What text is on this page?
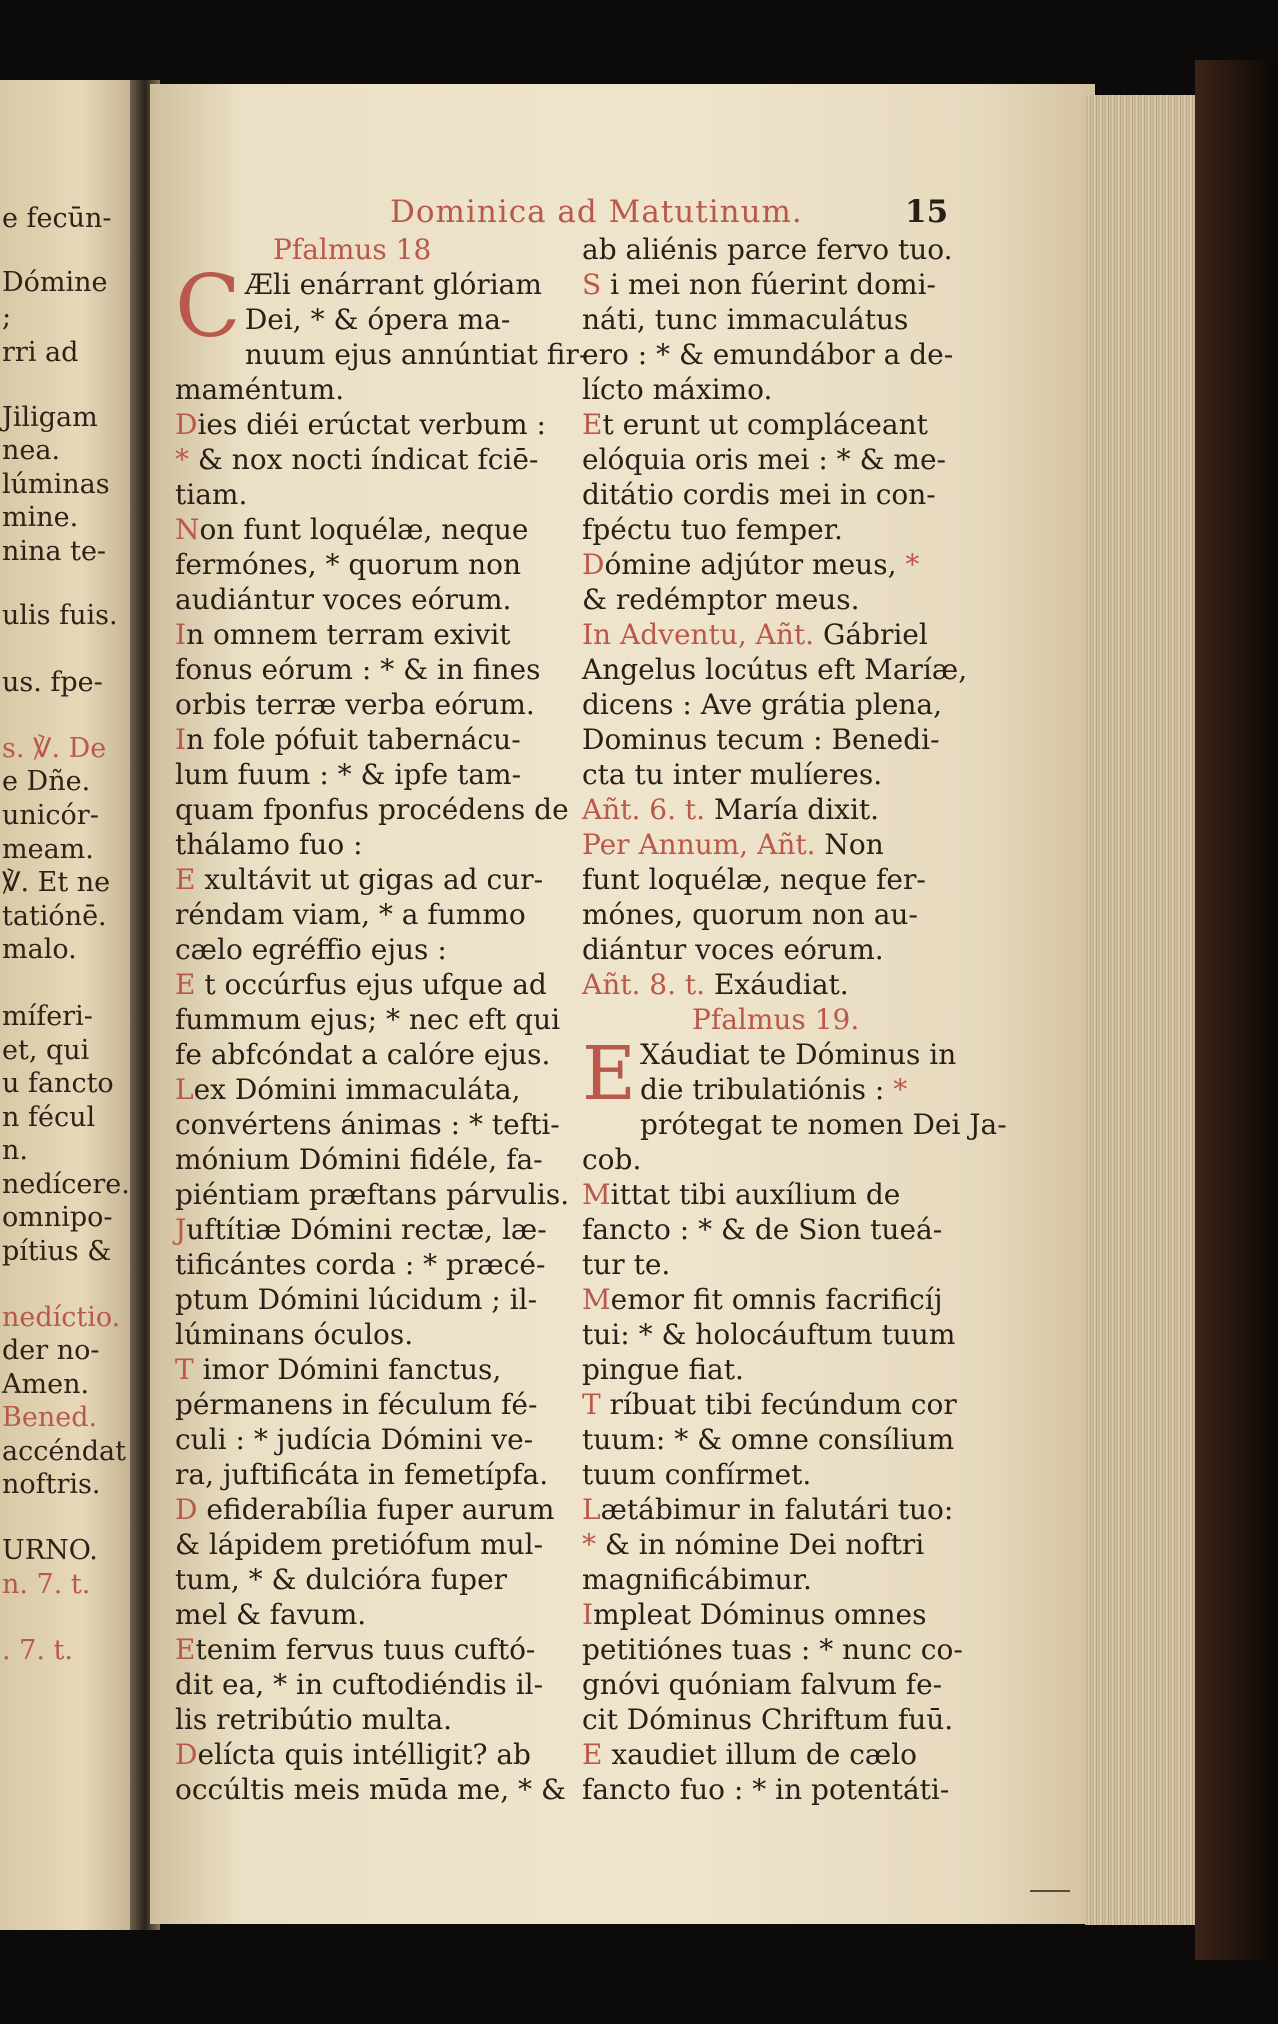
e fecūn-
Dómine
;
rri ad
Jiligam
nea.
lúminas
mine.
nina te-
ulis fuis.
us. fpe-
s. ℣. De
e Dñe.
unicór-
meam.
℣. Et ne
tatiónē.
malo.
míferi-
et, qui
u fancto
n fécul
n.
nedícere.
omnipo-
pítius &
nedíctio.
der no-
Amen.
Bened.
accéndat
noftris.
URNO.
n. 7. t.
. 7. t.
Dominica ad Matutinum.	15
Pfalmus 18
C Æli enárrant glóriam
Dei, * & ópera ma-
nuum ejus annúntiat fir-
maméntum.
Dies diéi erúctat verbum :
* & nox nocti índicat fciē-
tiam.
Non funt loquélæ, neque
fermónes, * quorum non
audiántur voces eórum.
In omnem terram exivit
fonus eórum : * & in fines
orbis terræ verba eórum.
In fole pófuit tabernácu-
lum fuum : * & ipfe tam-
quam fponfus procédens de
thálamo fuo :
E xultávit ut gigas ad cur-
réndam viam, * a fummo
cælo egréffio ejus :
E t occúrfus ejus ufque ad
fummum ejus; * nec eft qui
fe abfcóndat a calóre ejus.
Lex Dómini immaculáta,
convértens ánimas : * tefti-
mónium Dómini fidéle, fa-
piéntiam præftans párvulis.
Juftítiæ Dómini rectæ, læ-
tificántes corda : * præcé-
ptum Dómini lúcidum ; il-
lúminans óculos.
T imor Dómini fanctus,
pérmanens in féculum fé-
culi : * judícia Dómini ve-
ra, juftificáta in femetípfa.
D efiderabília fuper aurum
& lápidem pretiófum mul-
tum, * & dulcióra fuper
mel & favum.
Etenim fervus tuus cuftó-
dit ea, * in cuftodiéndis il-
lis retribútio multa.
Delícta quis intélligit? ab
occúltis meis mūda me, * &
ab aliénis parce fervo tuo.
S i mei non fúerint domi-
náti, tunc immaculátus
ero : * & emundábor a de-
lícto máximo.
Et erunt ut compláceant
elóquia oris mei : * & me-
ditátio cordis mei in con-
fpéctu tuo femper.
Dómine adjútor meus, *
& redémptor meus.
In Adventu, Añt. Gábriel
Angelus locútus eft Maríæ,
dicens : Ave grátia plena,
Dominus tecum : Benedi-
cta tu inter mulíeres.
Añt. 6. t. María dixit.
Per Annum, Añt. Non
funt loquélæ, neque fer-
mónes, quorum non au-
diántur voces eórum.
Añt. 8. t. Exáudiat.
Pfalmus 19.
E Xáudiat te Dóminus in
die tribulatiónis : *
prótegat te nomen Dei Ja-
cob.
Mittat tibi auxílium de
fancto : * & de Sion tueá-
tur te.
Memor fit omnis facrificíj
tui: * & holocáuftum tuum
pingue fiat.
T ríbuat tibi fecúndum cor
tuum: * & omne consílium
tuum confírmet.
Lætábimur in falutári tuo:
* & in nómine Dei noftri
magnificábimur.
Impleat Dóminus omnes
petitiónes tuas : * nunc co-
gnóvi quóniam falvum fe-
cit Dóminus Chriftum fuū.
E xaudiet illum de cælo
fancto fuo : * in potentáti-
